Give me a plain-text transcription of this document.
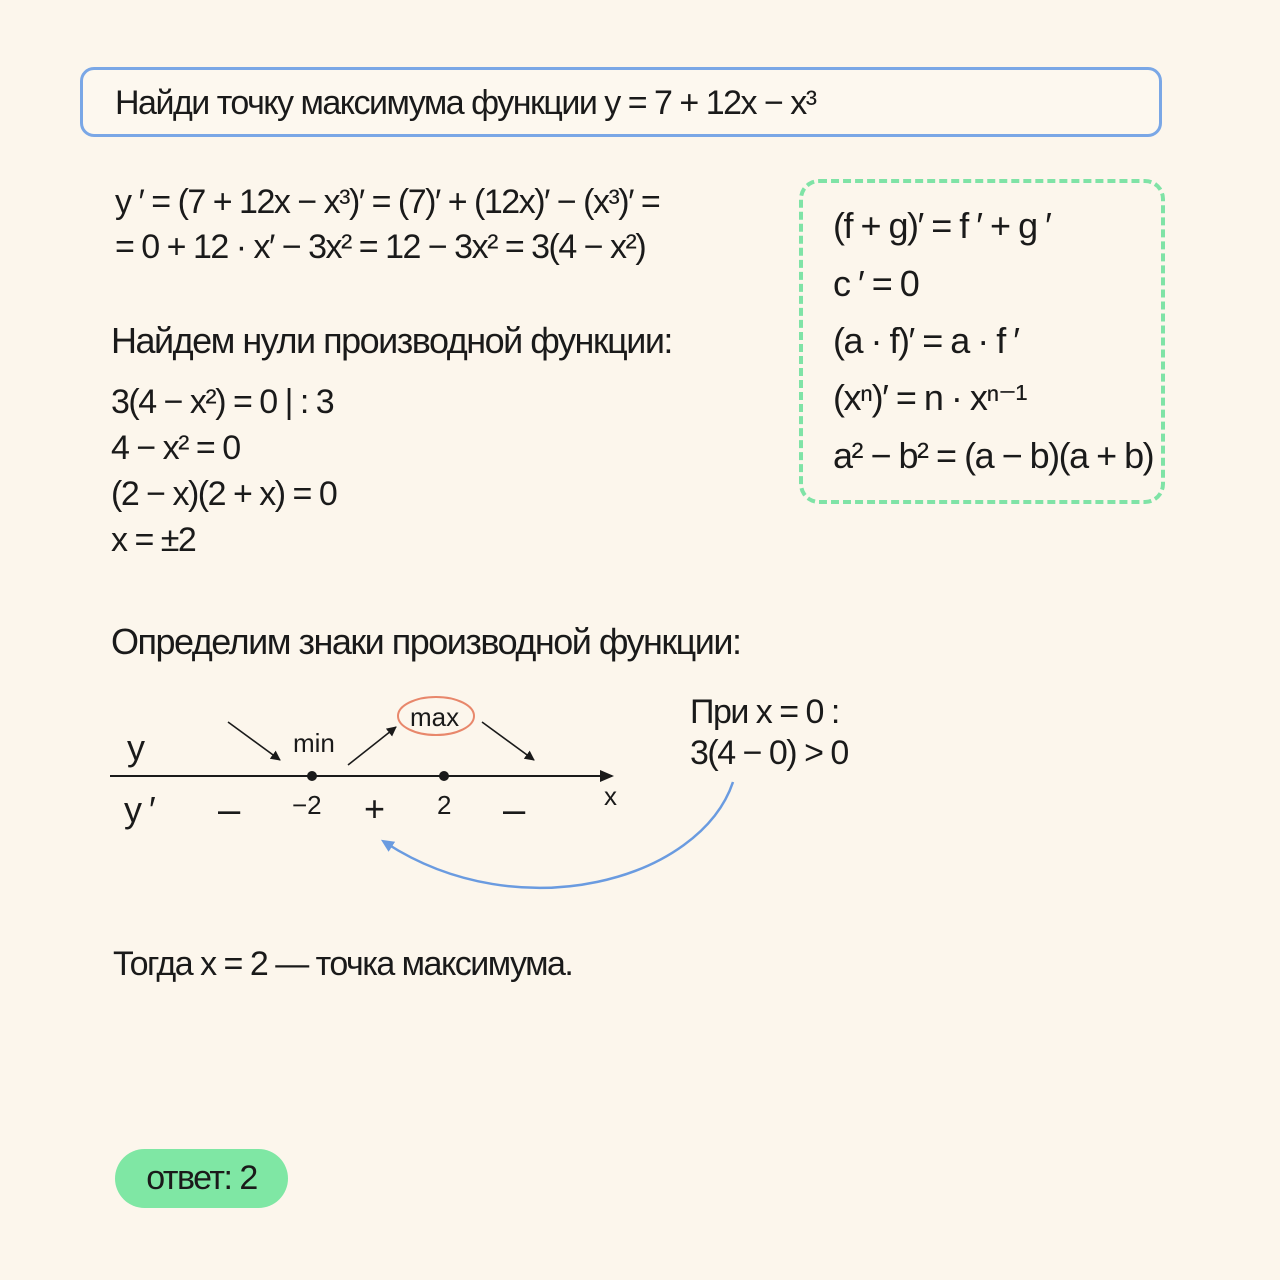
Найди точку максимума функции y = 7 + 12x − x³
y ′ = (7 + 12x − x³)′ = (7)′ + (12x)′ − (x³)′ =
= 0 + 12 · x′ − 3x² = 12 − 3x² = 3(4 − x²)
(f + g)′ = f ′ + g ′
c ′ = 0
(a · f)′ = a · f ′
(xⁿ)′ = n · xⁿ⁻¹
a² − b² = (a − b)(a + b)
Найдем нули производной функции:
3(4 − x²) = 0 | : 3
4 − x² = 0
(2 − x)(2 + x) = 0
x = ±2
Определим знаки производной функции:
y
y ′
min
max
−2	2	x
–	+	–
При x = 0 :
3(4 − 0) > 0
Тогда x = 2 — точка максимума.
ответ: 2
